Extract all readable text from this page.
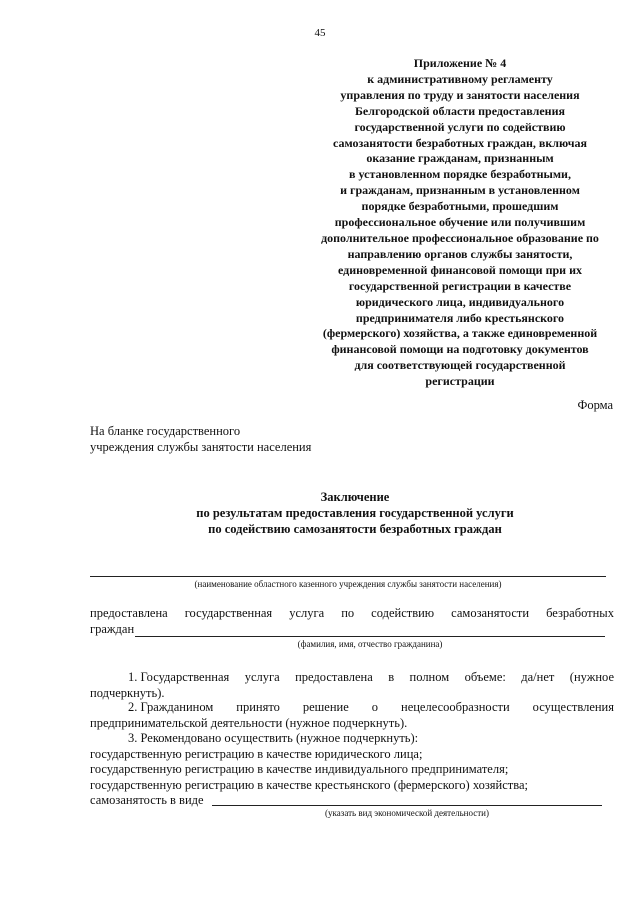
45
Приложение № 4
к административному регламенту
управления по труду и занятости населения
Белгородской области предоставления
государственной услуги по содействию
самозанятости безработных граждан, включая
оказание гражданам, признанным
в установленном порядке безработными,
и гражданам, признанным в установленном
порядке безработными, прошедшим
профессиональное обучение или получившим
дополнительное профессиональное образование по
направлению органов службы занятости,
единовременной финансовой помощи при их
государственной регистрации в качестве
юридического лица, индивидуального
предпринимателя либо крестьянского
(фермерского) хозяйства, а также единовременной
финансовой помощи на подготовку документов
для соответствующей государственной
регистрации
Форма
На бланке государственного
учреждения службы занятости населения
Заключение
по результатам предоставления государственной услуги
по содействию самозанятости безработных граждан
(наименование областного казенного учреждения службы занятости населения)
предоставлена государственная услуга по содействию самозанятости безработных
граждан
(фамилия, имя, отчество гражданина)
1. Государственная услуга предоставлена в полном объеме: да/нет (нужное
подчеркнуть).
2. Гражданином принято решение о нецелесообразности осуществления
предпринимательской деятельности (нужное подчеркнуть).
3. Рекомендовано осуществить (нужное подчеркнуть):
государственную регистрацию в качестве юридического лица;
государственную регистрацию в качестве индивидуального предпринимателя;
государственную регистрацию в качестве крестьянского (фермерского) хозяйства;
самозанятость в виде
(указать вид экономической деятельности)
